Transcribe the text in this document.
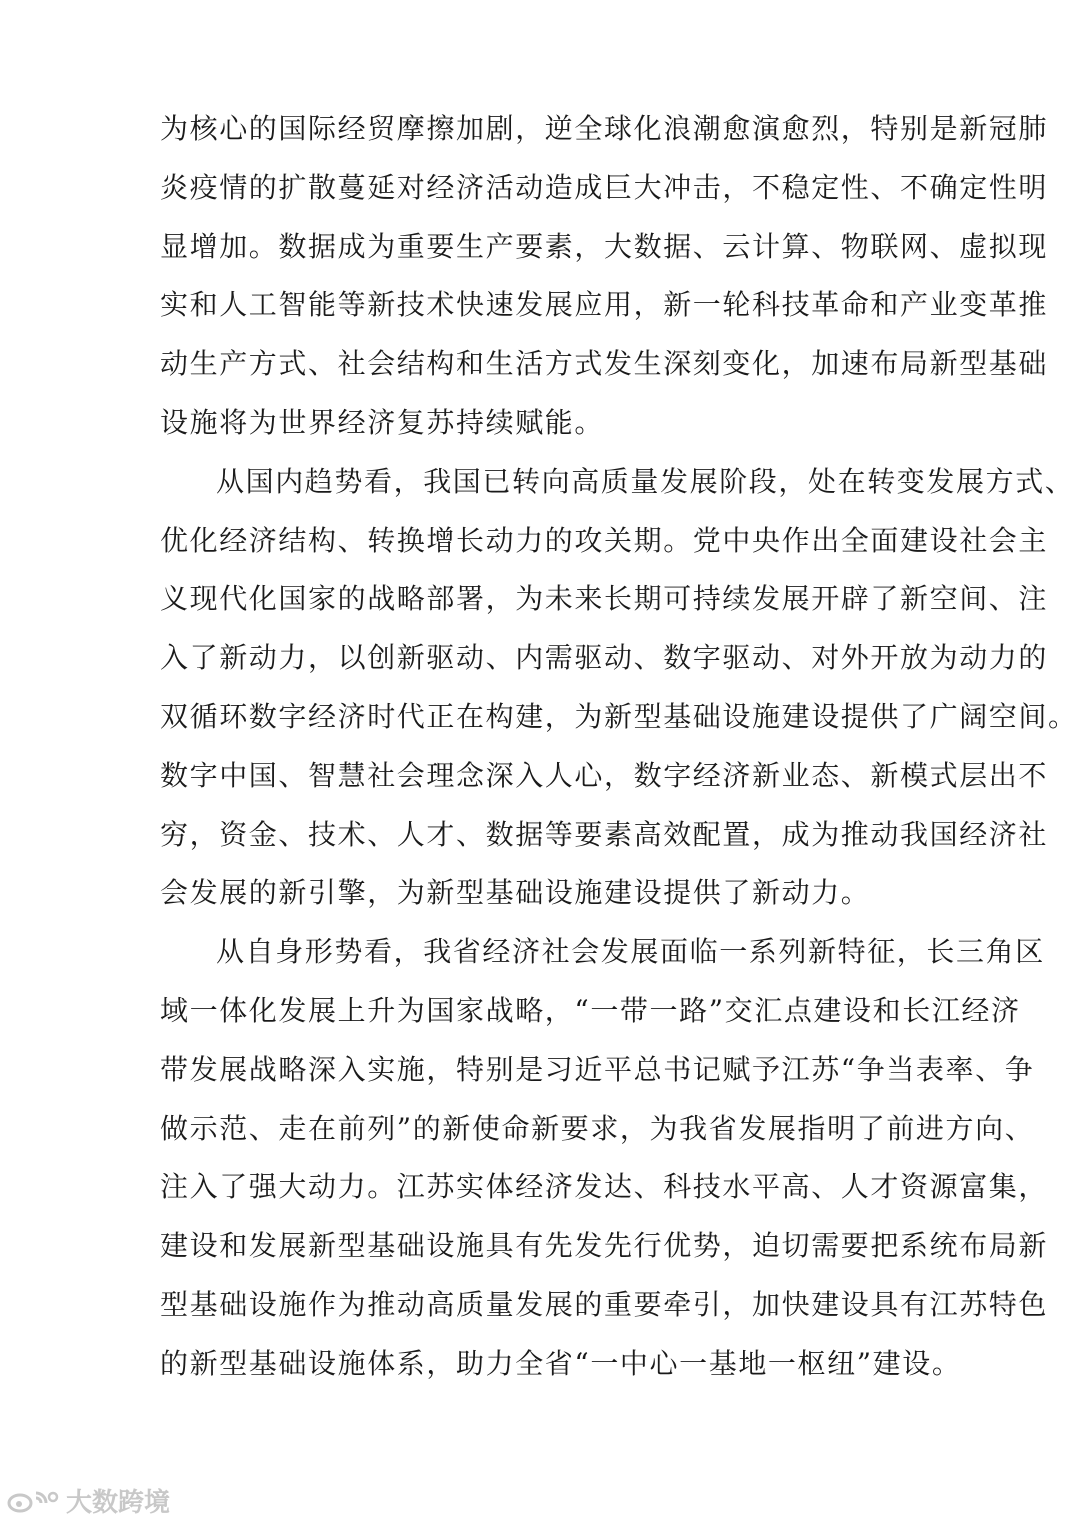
为核心的国际经贸摩擦加剧，逆全球化浪潮愈演愈烈，特别是新冠肺
炎疫情的扩散蔓延对经济活动造成巨大冲击，不稳定性、不确定性明
显增加。数据成为重要生产要素，大数据、云计算、物联网、虚拟现
实和人工智能等新技术快速发展应用，新一轮科技革命和产业变革推
动生产方式、社会结构和生活方式发生深刻变化，加速布局新型基础
设施将为世界经济复苏持续赋能。
从国内趋势看，我国已转向高质量发展阶段，处在转变发展方式、
优化经济结构、转换增长动力的攻关期。党中央作出全面建设社会主
义现代化国家的战略部署，为未来长期可持续发展开辟了新空间、注
入了新动力，以创新驱动、内需驱动、数字驱动、对外开放为动力的
双循环数字经济时代正在构建，为新型基础设施建设提供了广阔空间。
数字中国、智慧社会理念深入人心，数字经济新业态、新模式层出不
穷，资金、技术、人才、数据等要素高效配置，成为推动我国经济社
会发展的新引擎，为新型基础设施建设提供了新动力。
从自身形势看，我省经济社会发展面临一系列新特征，长三角区
域一体化发展上升为国家战略，“一带一路”交汇点建设和长江经济
带发展战略深入实施，特别是习近平总书记赋予江苏“争当表率、争
做示范、走在前列”的新使命新要求，为我省发展指明了前进方向、
注入了强大动力。江苏实体经济发达、科技水平高、人才资源富集，
建设和发展新型基础设施具有先发先行优势，迫切需要把系统布局新
型基础设施作为推动高质量发展的重要牵引，加快建设具有江苏特色
的新型基础设施体系，助力全省“一中心一基地一枢纽”建设。
大数跨境
